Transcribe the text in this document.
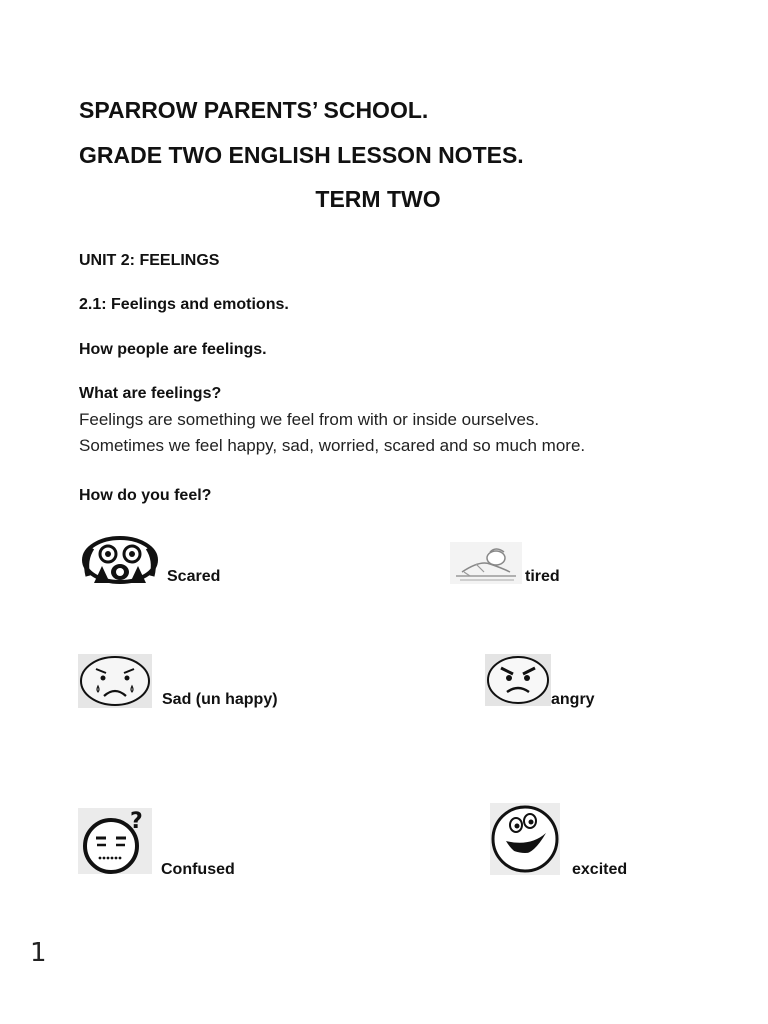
SPARROW PARENTS’ SCHOOL.
GRADE TWO ENGLISH LESSON NOTES.
TERM TWO
UNIT 2: FEELINGS
2.1: Feelings and emotions.
How people are feelings.
What are feelings?
Feelings are something we feel from with or inside ourselves.
Sometimes we feel happy, sad, worried, scared and so much more.
How do you feel?
Scared	tired
Sad (un happy)	angry
?
Confused	excited
1
